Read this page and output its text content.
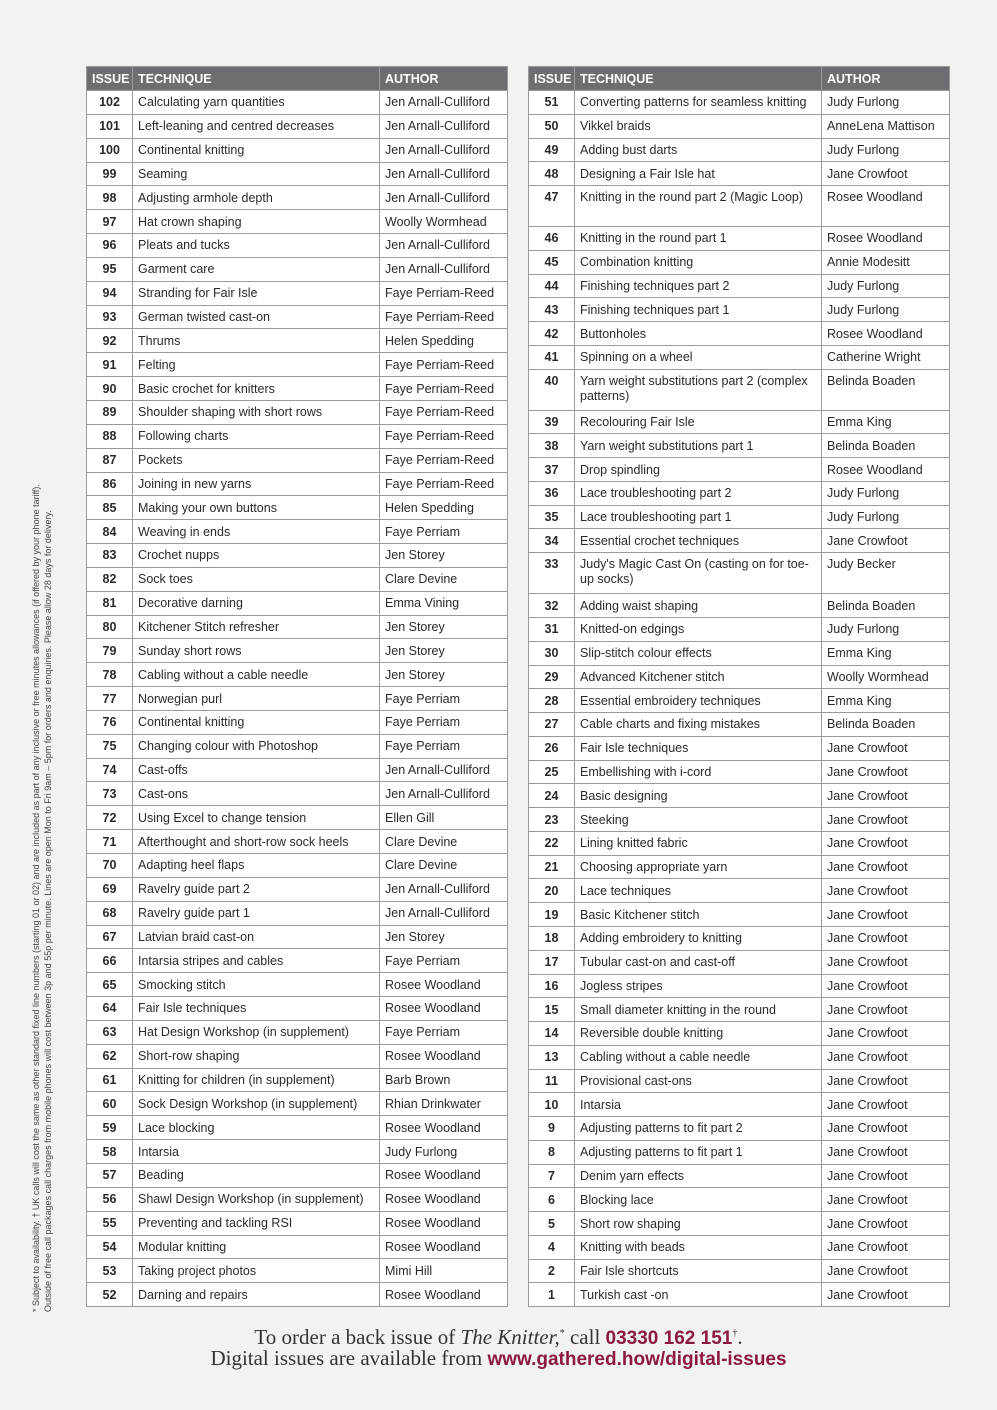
ISSUE	TECHNIQUE	AUTHOR
102	Calculating yarn quantities	Jen Arnall-Culliford
101	Left-leaning and centred decreases	Jen Arnall-Culliford
100	Continental knitting	Jen Arnall-Culliford
99	Seaming	Jen Arnall-Culliford
98	Adjusting armhole depth	Jen Arnall-Culliford
97	Hat crown shaping	Woolly Wormhead
96	Pleats and tucks	Jen Arnall-Culliford
95	Garment care	Jen Arnall-Culliford
94	Stranding for Fair Isle	Faye Perriam-Reed
93	German twisted cast-on	Faye Perriam-Reed
92	Thrums	Helen Spedding
91	Felting	Faye Perriam-Reed
90	Basic crochet for knitters	Faye Perriam-Reed
89	Shoulder shaping with short rows	Faye Perriam-Reed
88	Following charts	Faye Perriam-Reed
87	Pockets	Faye Perriam-Reed
86	Joining in new yarns	Faye Perriam-Reed
85	Making your own buttons	Helen Spedding
84	Weaving in ends	Faye Perriam
83	Crochet nupps	Jen Storey
82	Sock toes	Clare Devine
81	Decorative darning	Emma Vining
80	Kitchener Stitch refresher	Jen Storey
79	Sunday short rows	Jen Storey
78	Cabling without a cable needle	Jen Storey
77	Norwegian purl	Faye Perriam
76	Continental knitting	Faye Perriam
75	Changing colour with Photoshop	Faye Perriam
74	Cast-offs	Jen Arnall-Culliford
73	Cast-ons	Jen Arnall-Culliford
72	Using Excel to change tension	Ellen Gill
71	Afterthought and short-row sock heels	Clare Devine
70	Adapting heel flaps	Clare Devine
69	Ravelry guide part 2	Jen Arnall-Culliford
68	Ravelry guide part 1	Jen Arnall-Culliford
67	Latvian braid cast-on	Jen Storey
66	Intarsia stripes and cables	Faye Perriam
65	Smocking stitch	Rosee Woodland
64	Fair Isle techniques	Rosee Woodland
63	Hat Design Workshop (in supplement)	Faye Perriam
62	Short-row shaping	Rosee Woodland
61	Knitting for children (in supplement)	Barb Brown
60	Sock Design Workshop (in supplement)	Rhian Drinkwater
59	Lace blocking	Rosee Woodland
58	Intarsia	Judy Furlong
57	Beading	Rosee Woodland
56	Shawl Design Workshop (in supplement)	Rosee Woodland
55	Preventing and tackling RSI	Rosee Woodland
54	Modular knitting	Rosee Woodland
53	Taking project photos	Mimi Hill
52	Darning and repairs	Rosee Woodland
ISSUE	TECHNIQUE	AUTHOR
51	Converting patterns for seamless knitting	Judy Furlong
50	Vikkel braids	AnneLena Mattison
49	Adding bust darts	Judy Furlong
48	Designing a Fair Isle hat	Jane Crowfoot
47	Knitting in the round part 2 (Magic Loop)	Rosee Woodland
46	Knitting in the round part 1	Rosee Woodland
45	Combination knitting	Annie Modesitt
44	Finishing techniques part 2	Judy Furlong
43	Finishing techniques part 1	Judy Furlong
42	Buttonholes	Rosee Woodland
41	Spinning on a wheel	Catherine Wright
40	Yarn weight substitutions part 2 (complex patterns)	Belinda Boaden
39	Recolouring Fair Isle	Emma King
38	Yarn weight substitutions part 1	Belinda Boaden
37	Drop spindling	Rosee Woodland
36	Lace troubleshooting part 2	Judy Furlong
35	Lace troubleshooting part 1	Judy Furlong
34	Essential crochet techniques	Jane Crowfoot
33	Judy's Magic Cast On (casting on for toe-up socks)	Judy Becker
32	Adding waist shaping	Belinda Boaden
31	Knitted-on edgings	Judy Furlong
30	Slip-stitch colour effects	Emma King
29	Advanced Kitchener stitch	Woolly Wormhead
28	Essential embroidery techniques	Emma King
27	Cable charts and fixing mistakes	Belinda Boaden
26	Fair Isle techniques	Jane Crowfoot
25	Embellishing with i-cord	Jane Crowfoot
24	Basic designing	Jane Crowfoot
23	Steeking	Jane Crowfoot
22	Lining knitted fabric	Jane Crowfoot
21	Choosing appropriate yarn	Jane Crowfoot
20	Lace techniques	Jane Crowfoot
19	Basic Kitchener stitch	Jane Crowfoot
18	Adding embroidery to knitting	Jane Crowfoot
17	Tubular cast-on and cast-off	Jane Crowfoot
16	Jogless stripes	Jane Crowfoot
15	Small diameter knitting in the round	Jane Crowfoot
14	Reversible double knitting	Jane Crowfoot
13	Cabling without a cable needle	Jane Crowfoot
11	Provisional cast-ons	Jane Crowfoot
10	Intarsia	Jane Crowfoot
9	Adjusting patterns to fit part 2	Jane Crowfoot
8	Adjusting patterns to fit part 1	Jane Crowfoot
7	Denim yarn effects	Jane Crowfoot
6	Blocking lace	Jane Crowfoot
5	Short row shaping	Jane Crowfoot
4	Knitting with beads	Jane Crowfoot
2	Fair Isle shortcuts	Jane Crowfoot
1	Turkish cast -on	Jane Crowfoot
* Subject to availability. † UK calls will cost the same as other standard fixed line numbers (starting 01 or 02) and are included as part of any inclusive or free minutes allowances (if offered by your phone tariff). Outside of free call packages call charges from mobile phones will cost between 3p and 55p per minute. Lines are open Mon to Fri 9am – 5pm for orders and enquiries. Please allow 28 days for delivery.
To order a back issue of The Knitter,* call 03330 162 151†.
Digital issues are available from www.gathered.how/digital-issues
